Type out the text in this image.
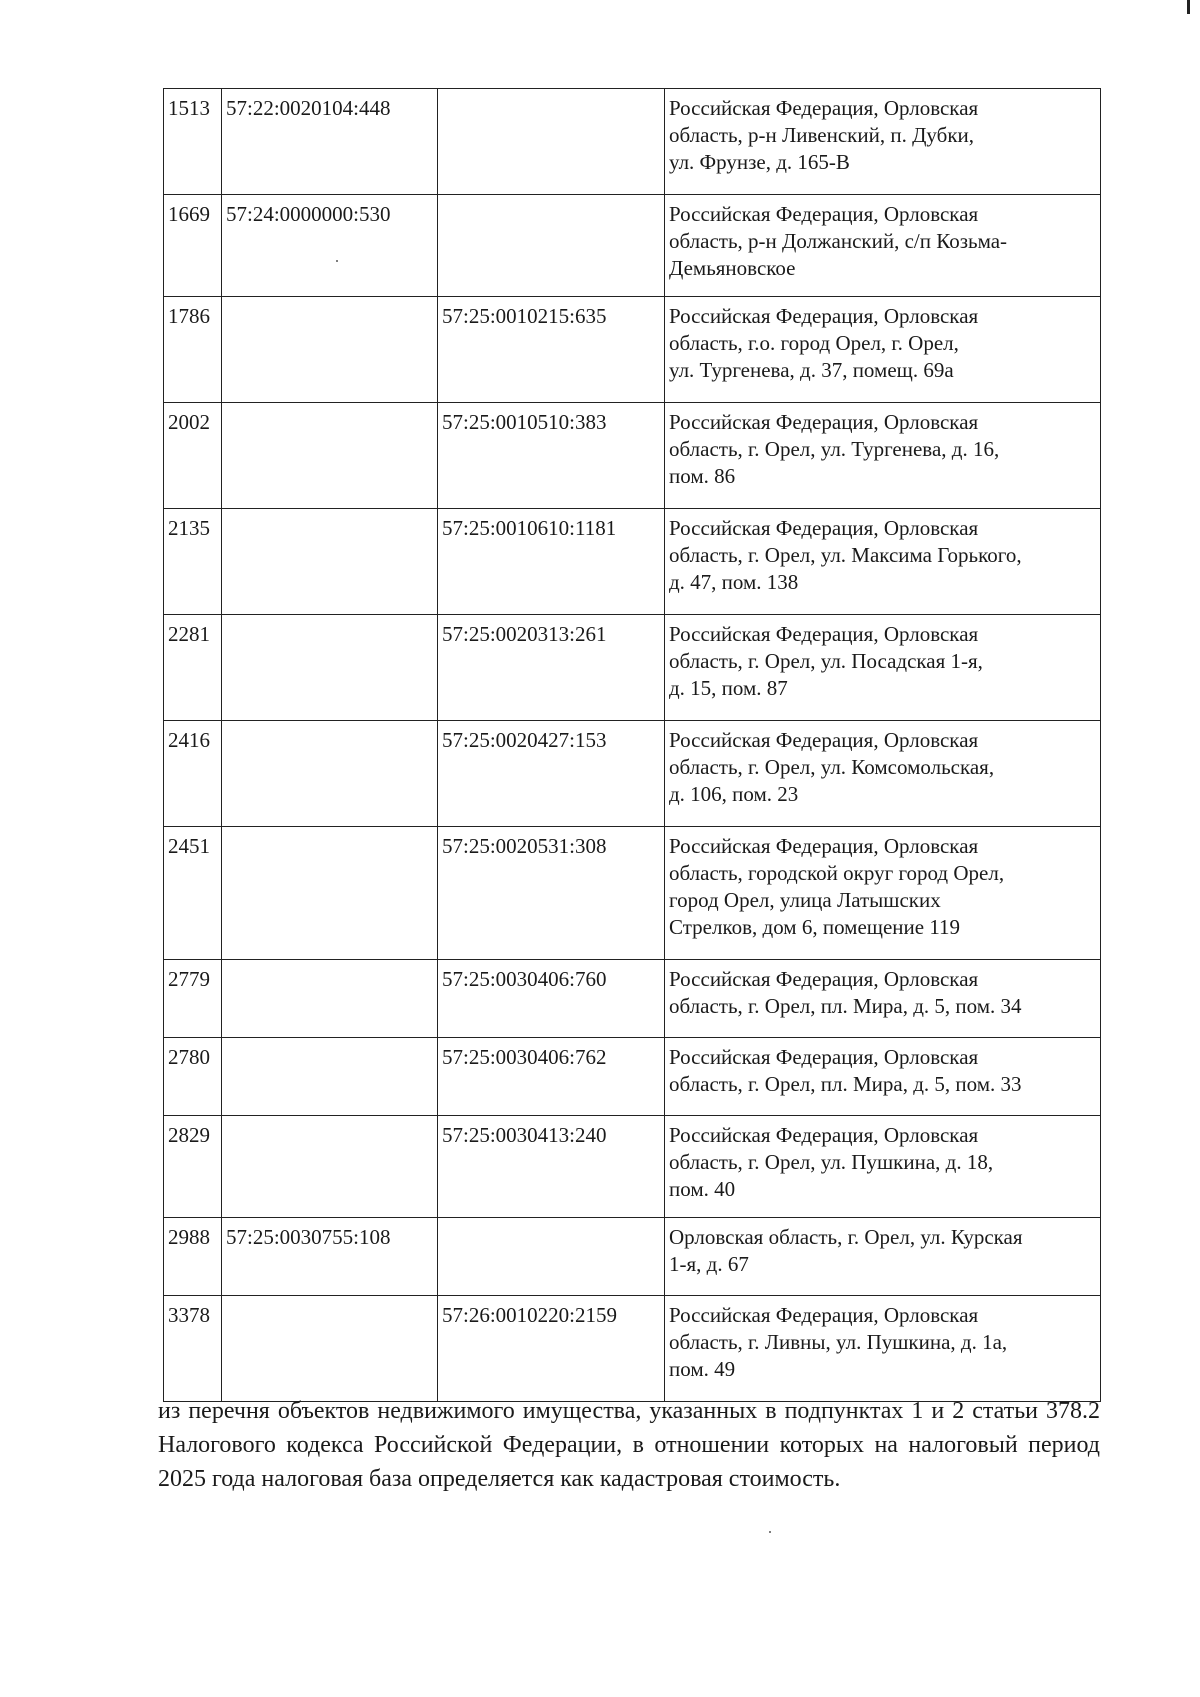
1513	57:22:0020104:448		Российская Федерация, Орловская
область, р-н Ливенский, п. Дубки,
ул. Фрунзе, д. 165-В

1669	57:24:0000000:530		Российская Федерация, Орловская
область, р-н Должанский, с/п Козьма-
Демьяновское

1786		57:25:0010215:635	Российская Федерация, Орловская
область, г.о. город Орел, г. Орел,
ул. Тургенева, д. 37, помещ. 69а

2002		57:25:0010510:383	Российская Федерация, Орловская
область, г. Орел, ул. Тургенева, д. 16,
пом. 86

2135		57:25:0010610:1181	Российская Федерация, Орловская
область, г. Орел, ул. Максима Горького,
д. 47, пом. 138

2281		57:25:0020313:261	Российская Федерация, Орловская
область, г. Орел, ул. Посадская 1-я,
д. 15, пом. 87

2416		57:25:0020427:153	Российская Федерация, Орловская
область, г. Орел, ул. Комсомольская,
д. 106, пом. 23

2451		57:25:0020531:308	Российская Федерация, Орловская
область, городской округ город Орел,
город Орел, улица Латышских
Стрелков, дом 6, помещение 119

2779		57:25:0030406:760	Российская Федерация, Орловская
область, г. Орел, пл. Мира, д. 5, пом. 34

2780		57:25:0030406:762	Российская Федерация, Орловская
область, г. Орел, пл. Мира, д. 5, пом. 33

2829		57:25:0030413:240	Российская Федерация, Орловская
область, г. Орел, ул. Пушкина, д. 18,
пом. 40

2988	57:25:0030755:108		Орловская область, г. Орел, ул. Курская
1-я, д. 67

3378		57:26:0010220:2159	Российская Федерация, Орловская
область, г. Ливны, ул. Пушкина, д. 1а,
пом. 49

из перечня объектов недвижимого имущества, указанных в подпунктах 1 и 2 статьи 378.2 Налогового кодекса Российской Федерации, в отношении которых на налоговый период 2025 года налоговая база определяется как кадастровая стоимость.
